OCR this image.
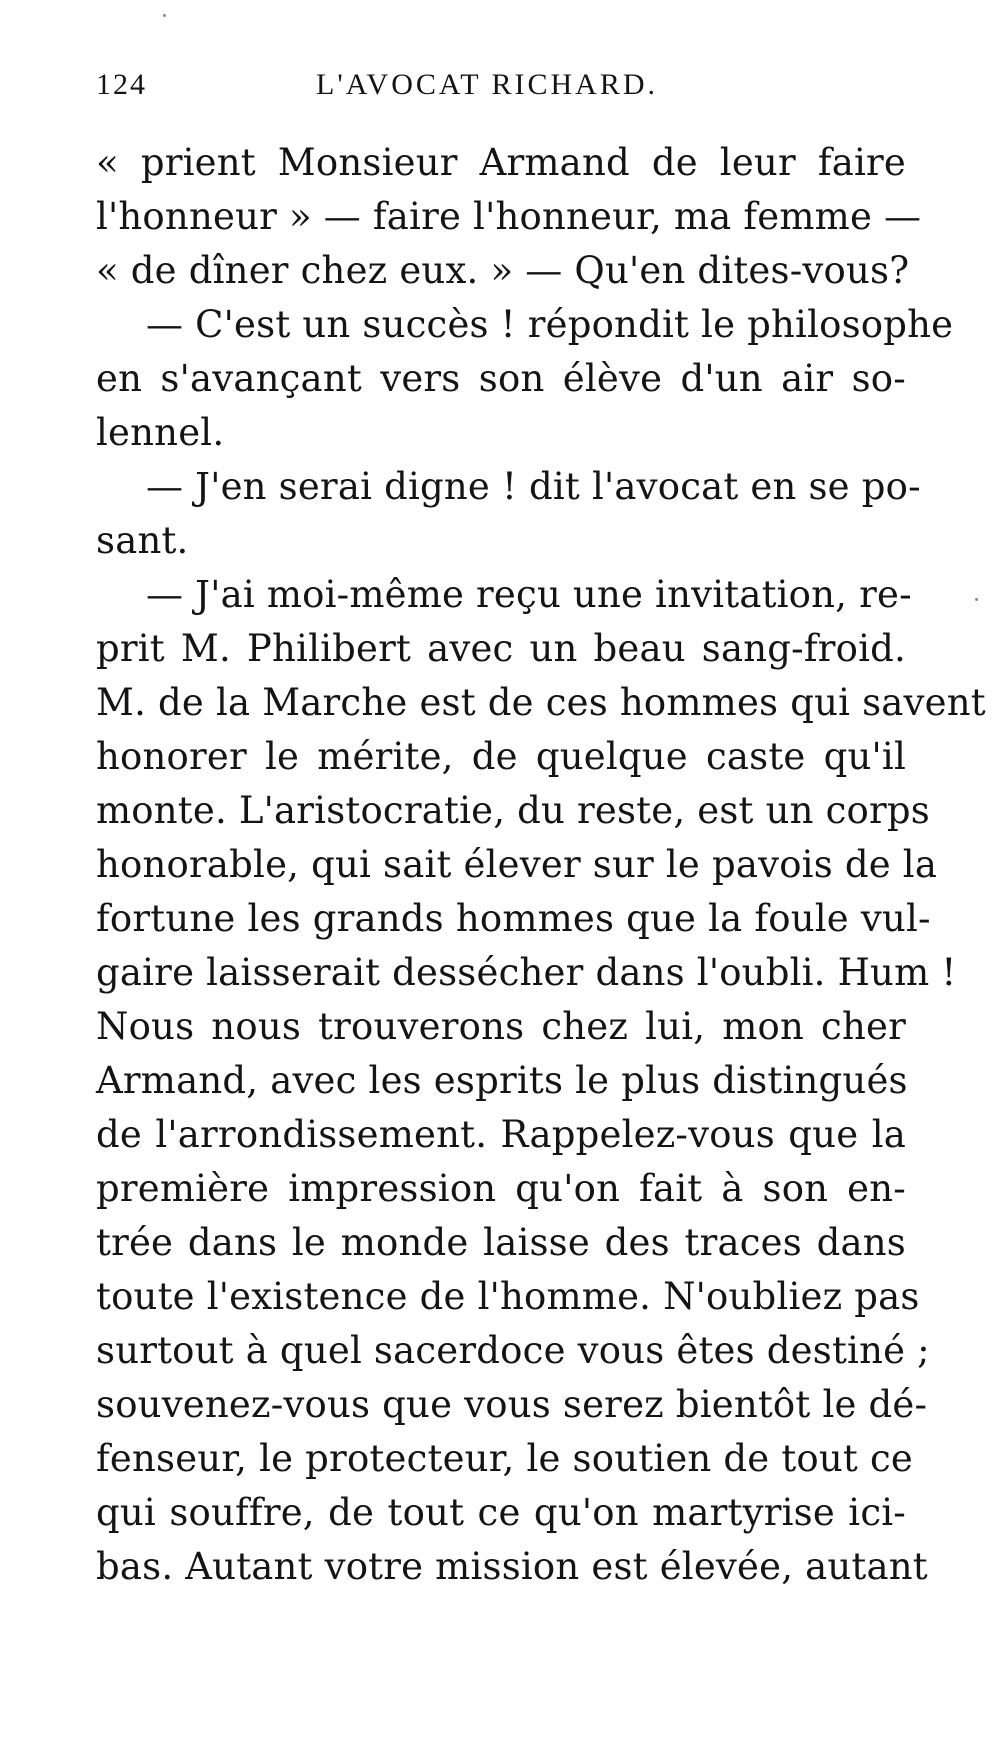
124	L'AVOCAT RICHARD.
« prient Monsieur Armand de leur faire
l'honneur » — faire l'honneur, ma femme —
« de dîner chez eux. » — Qu'en dites-vous?
— C'est un succès ! répondit le philosophe
en s'avançant vers son élève d'un air so-
lennel.
— J'en serai digne ! dit l'avocat en se po-
sant.
— J'ai moi-même reçu une invitation, re-
prit M. Philibert avec un beau sang-froid.
M. de la Marche est de ces hommes qui savent
honorer le mérite, de quelque caste qu'il
monte. L'aristocratie, du reste, est un corps
honorable, qui sait élever sur le pavois de la
fortune les grands hommes que la foule vul-
gaire laisserait dessécher dans l'oubli. Hum !
Nous nous trouverons chez lui, mon cher
Armand, avec les esprits le plus distingués
de l'arrondissement. Rappelez-vous que la
première impression qu'on fait à son en-
trée dans le monde laisse des traces dans
toute l'existence de l'homme. N'oubliez pas
surtout à quel sacerdoce vous êtes destiné ;
souvenez-vous que vous serez bientôt le dé-
fenseur, le protecteur, le soutien de tout ce
qui souffre, de tout ce qu'on martyrise ici-
bas. Autant votre mission est élevée, autant
